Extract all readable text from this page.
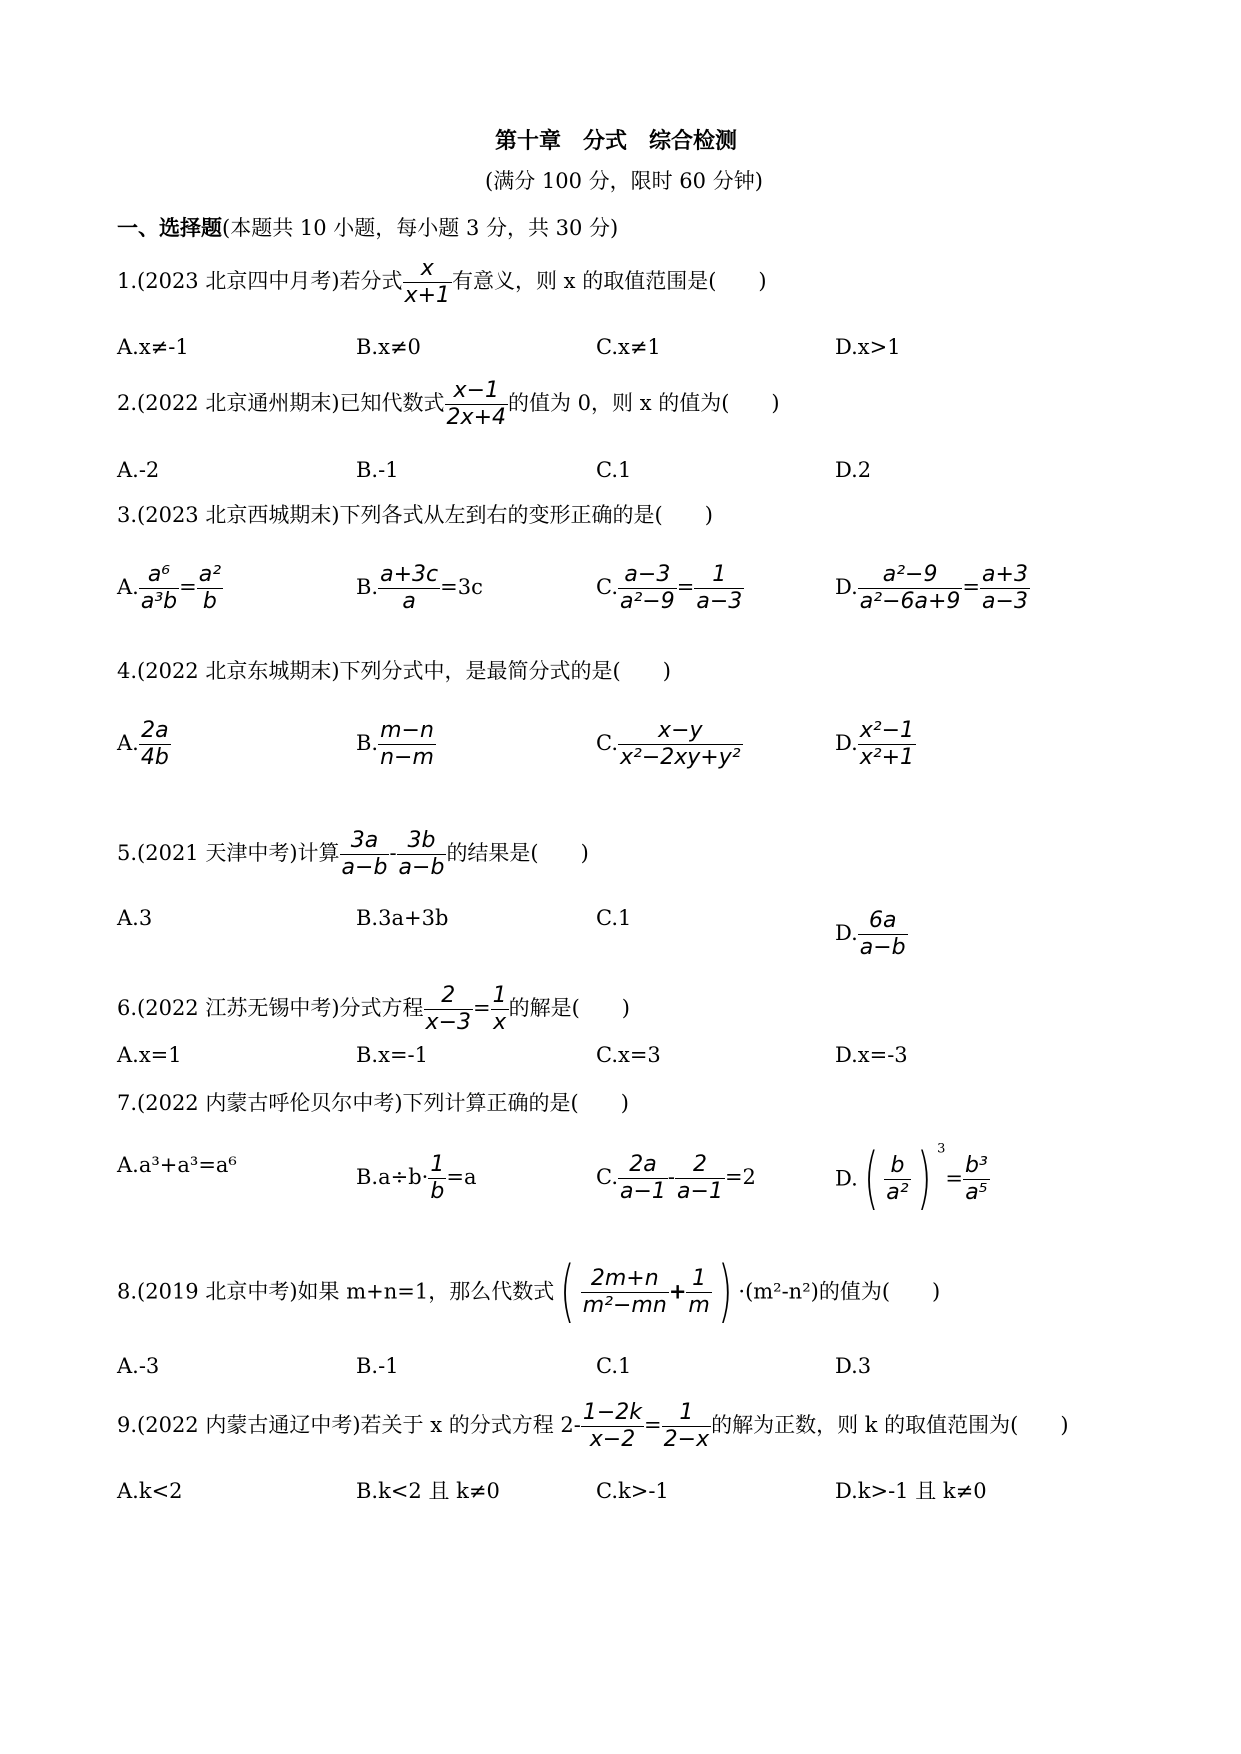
第十章　分式　综合检测
(满分 100 分，限时 60 分钟)
一、选择题(本题共 10 小题，每小题 3 分，共 30 分)
1.(2023 北京四中月考)若分式 $\frac{x}{x+1}$ 有意义，则 x 的取值范围是(　　)
A.x≠-1	B.x≠0	C.x≠1	D.x>1
2.(2022 北京通州期末)已知代数式 $\frac{x-1}{2x+4}$ 的值为 0，则 x 的值为(　　)
A.-2	B.-1	C.1	D.2
3.(2023 北京西城期末)下列各式从左到右的变形正确的是(　　)
A. $\frac{\text{a⁶}}{\text{a³b}} = \frac{\text{a²}}{b}$	B. $\frac{a+3c}{a} =3c$	C. $\frac{a-3}{\text{a²−9}} = \frac{1}{a-3}$	D. $\frac{\text{a²−9}}{\text{a²−6a+9}} = \frac{a+3}{a-3}$
4.(2022 北京东城期末)下列分式中，是最简分式的是(　　)
A. $\frac{2a}{4b}$	B. $\frac{m-n}{n-m}$	C. $\frac{x-y}{\text{x²−2xy+y²}}$	D. $\frac{\text{x²−1}}{\text{x²+1}}$
5.(2021 天津中考)计算 $\frac{3a}{a-b} - \frac{3b}{a-b}$ 的结果是(　　)
A.3	B.3a+3b	C.1
D. $\frac{6a}{a-b}$
6.(2022 江苏无锡中考)分式方程 $\frac{2}{x-3} = \frac{1}{x}$ 的解是(　　)
A.x=1	B.x=-1	C.x=3	D.x=-3
7.(2022 内蒙古呼伦贝尔中考)下列计算正确的是(　　)
A.a³+a³=a⁶	$B.a\div b\cdot \frac{1}{b} =a$	C. $\frac{2a}{a-1} - \frac{2}{a-1} =2$	$D.( \frac{b}{\text{a²}}$ ) $^3= \frac{\text{b³}}{\text{a⁵}}$
8.(2019 北京中考)如果 m+n=1，那么代数式( $\frac{2m+n}{\text{m²−mn}} + \frac{1}{m}$ ) ·(m²-n²)的值为(　　)
A.-3	B.-1	C.1	D.3
9.(2022 内蒙古通辽中考)若关于 x 的分式方程 $2- \frac{1-2k}{x-2} = \frac{1}{2-x}$ 的解为正数，则 k 的取值范围为(　　)
A.k<2	B.k<2 且 k≠0	C.k>-1	D.k>-1 且 k≠0
